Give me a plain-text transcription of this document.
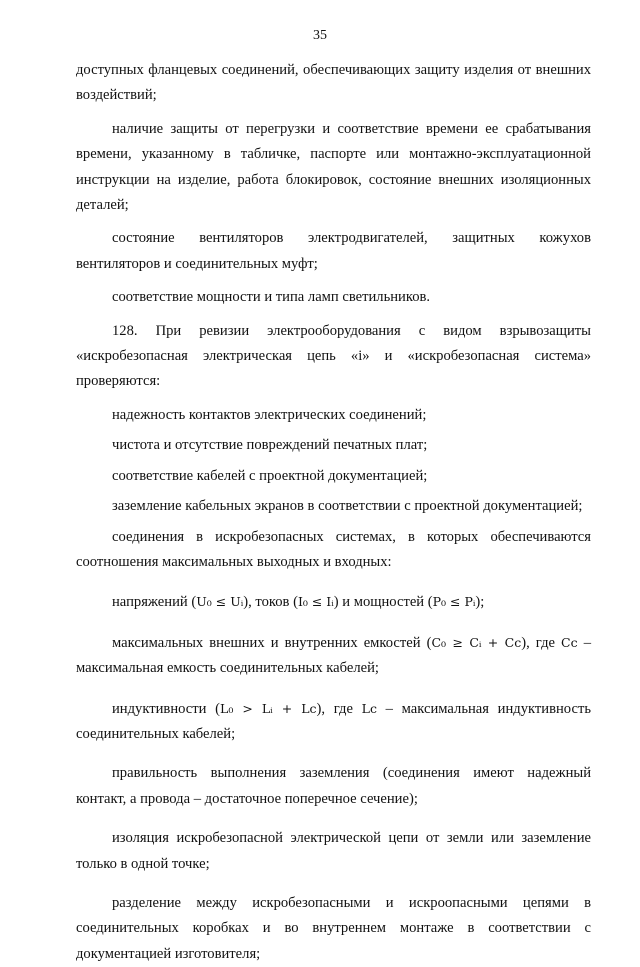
35

доступных фланцевых соединений, обеспечивающих защиту изделия от внешних воздействий;

наличие защиты от перегрузки и соответствие времени ее срабатывания времени, указанному в табличке, паспорте или монтажно-эксплуатационной инструкции на изделие, работа блокировок, состояние внешних изоляционных деталей;

состояние вентиляторов электродвигателей, защитных кожухов вентиляторов и соединительных муфт;

соответствие мощности и типа ламп светильников.

128. При ревизии электрооборудования с видом взрывозащиты «искробезопасная электрическая цепь «i» и «искробезопасная система» проверяются:

надежность контактов электрических соединений;

чистота и отсутствие повреждений печатных плат;

соответствие кабелей с проектной документацией;

заземление кабельных экранов в соответствии с проектной документацией;

соединения в искробезопасных системах, в которых обеспечиваются соотношения максимальных выходных и входных:

напряжений (U₀ ≤ Uᵢ), токов (I₀ ≤ Iᵢ) и мощностей (P₀ ≤ Pᵢ);

максимальных внешних и внутренних емкостей (C₀ ≥ Cᵢ + Cс), где Cс – максимальная емкость соединительных кабелей;

индуктивности (L₀ > Lᵢ + Lс), где Lс – максимальная индуктивность соединительных кабелей;

правильность выполнения заземления (соединения имеют надежный контакт, а провода – достаточное поперечное сечение);

изоляция искробезопасной электрической цепи от земли или заземление только в одной точке;

разделение между искробезопасными и искроопасными цепями в соединительных коробках и во внутреннем монтаже в соответствии с документацией изготовителя;
